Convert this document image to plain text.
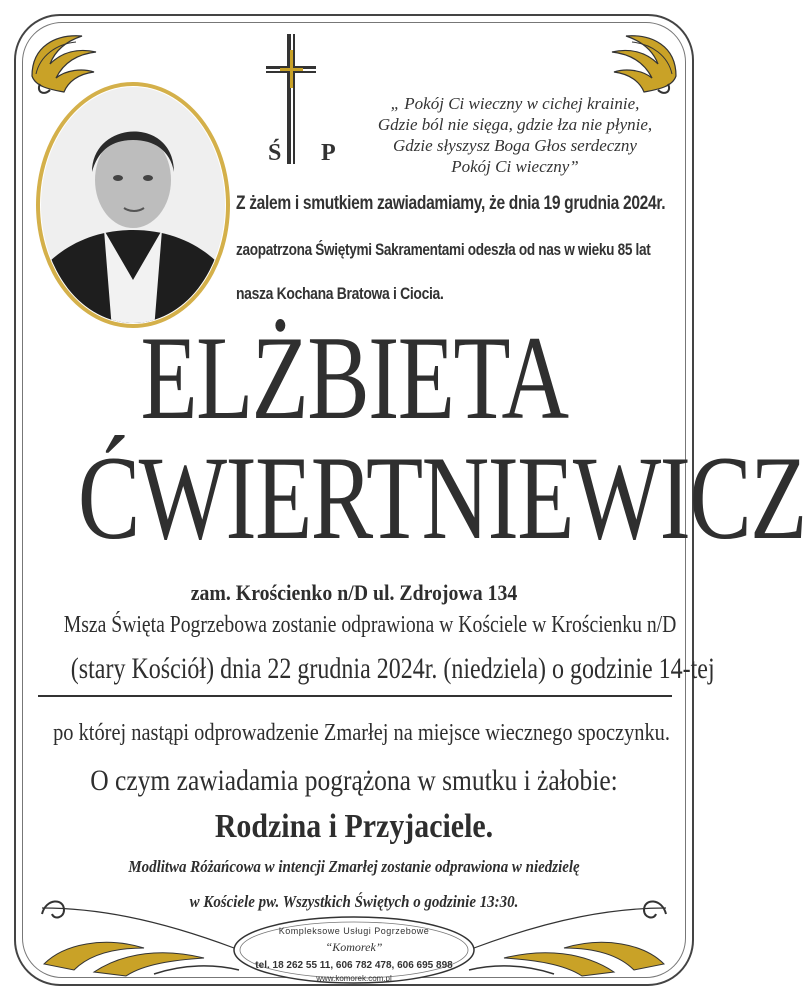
Ś P
„ Pokój Ci wieczny w cichej krainie,
Gdzie ból nie sięga, gdzie łza nie płynie,
Gdzie słyszysz Boga Głos serdeczny
Pokój Ci wieczny”
Z żalem i smutkiem zawiadamiamy, że dnia 19 grudnia 2024r.
zaopatrzona Świętymi Sakramentami odeszła od nas w wieku 85 lat
nasza Kochana Bratowa i Ciocia.
ELŻBIETA
ĆWIERTNIEWICZ
zam. Krościenko n/D ul. Zdrojowa 134
Msza Święta Pogrzebowa zostanie odprawiona w Kościele w Krościenku n/D
(stary Kościół) dnia 22 grudnia 2024r. (niedziela) o godzinie 14-tej
po której nastąpi odprowadzenie Zmarłej na miejsce wiecznego spoczynku.
O czym zawiadamia pogrążona w smutku i żałobie:
Rodzina i Przyjaciele.
Modlitwa Różańcowa w intencji Zmarłej zostanie odprawiona w niedzielę
w Kościele pw. Wszystkich Świętych o godzinie 13:30.
Kompleksowe Usługi Pogrzebowe
“Komorek”
tel. 18 262 55 11, 606 782 478, 606 695 898
www.komorek.com.pl
